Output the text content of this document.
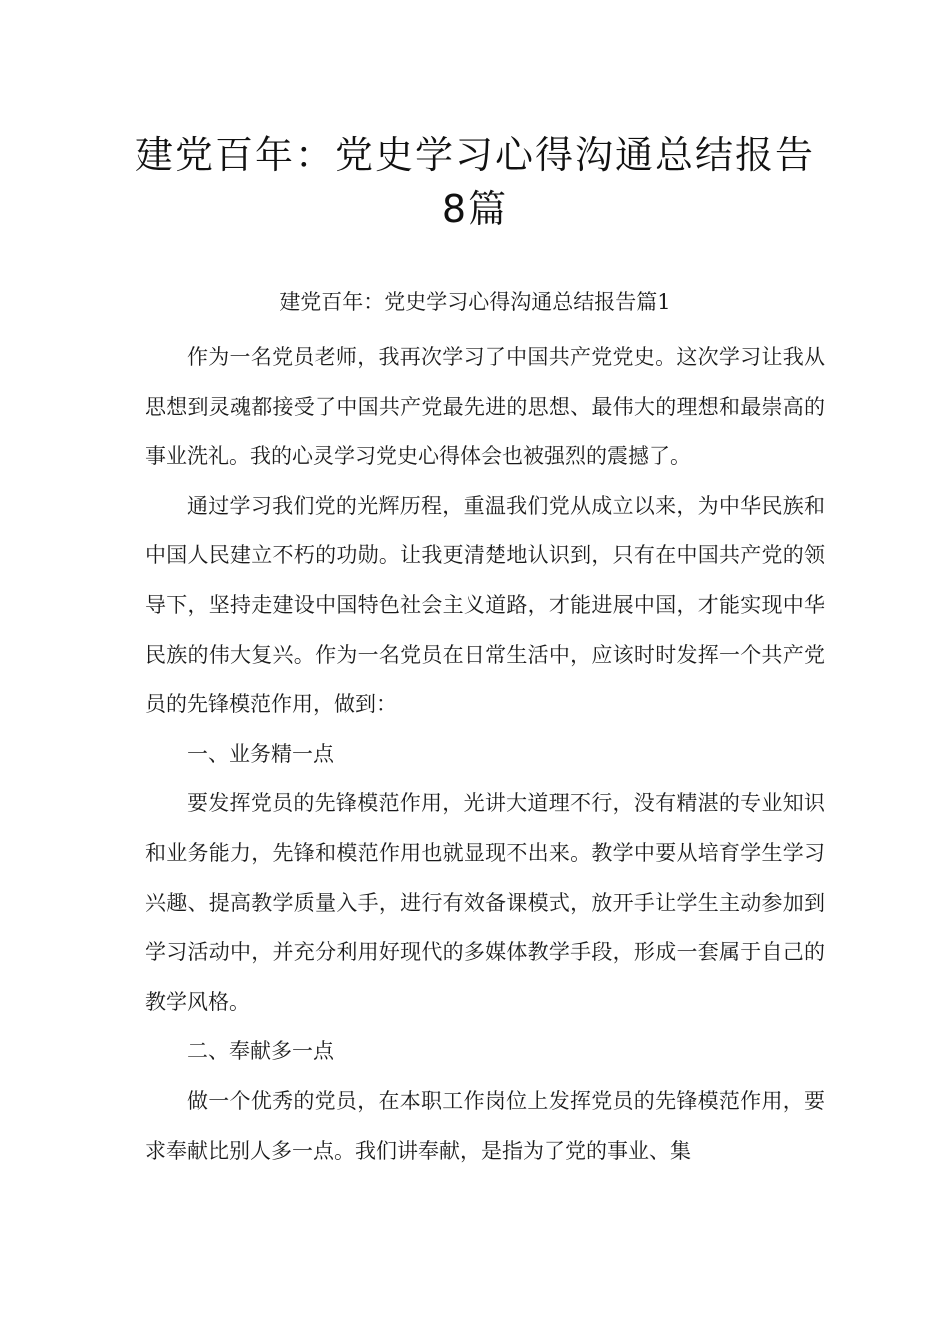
建党百年：党史学习心得沟通总结报告
8篇
建党百年：党史学习心得沟通总结报告篇1

作为一名党员老师，我再次学习了中国共产党党史。这次学习让我从思想到灵魂都接受了中国共产党最先进的思想、最伟大的理想和最崇高的事业洗礼。我的心灵学习党史心得体会也被强烈的震撼了。

通过学习我们党的光辉历程，重温我们党从成立以来，为中华民族和中国人民建立不朽的功勋。让我更清楚地认识到，只有在中国共产党的领导下，坚持走建设中国特色社会主义道路，才能进展中国，才能实现中华民族的伟大复兴。作为一名党员在日常生活中，应该时时发挥一个共产党员的先锋模范作用，做到：

一、业务精一点

要发挥党员的先锋模范作用，光讲大道理不行，没有精湛的专业知识和业务能力，先锋和模范作用也就显现不出来。教学中要从培育学生学习兴趣、提高教学质量入手，进行有效备课模式，放开手让学生主动参加到学习活动中，并充分利用好现代的多媒体教学手段，形成一套属于自己的教学风格。

二、奉献多一点

做一个优秀的党员，在本职工作岗位上发挥党员的先锋模范作用，要求奉献比别人多一点。我们讲奉献，是指为了党的事业、集
